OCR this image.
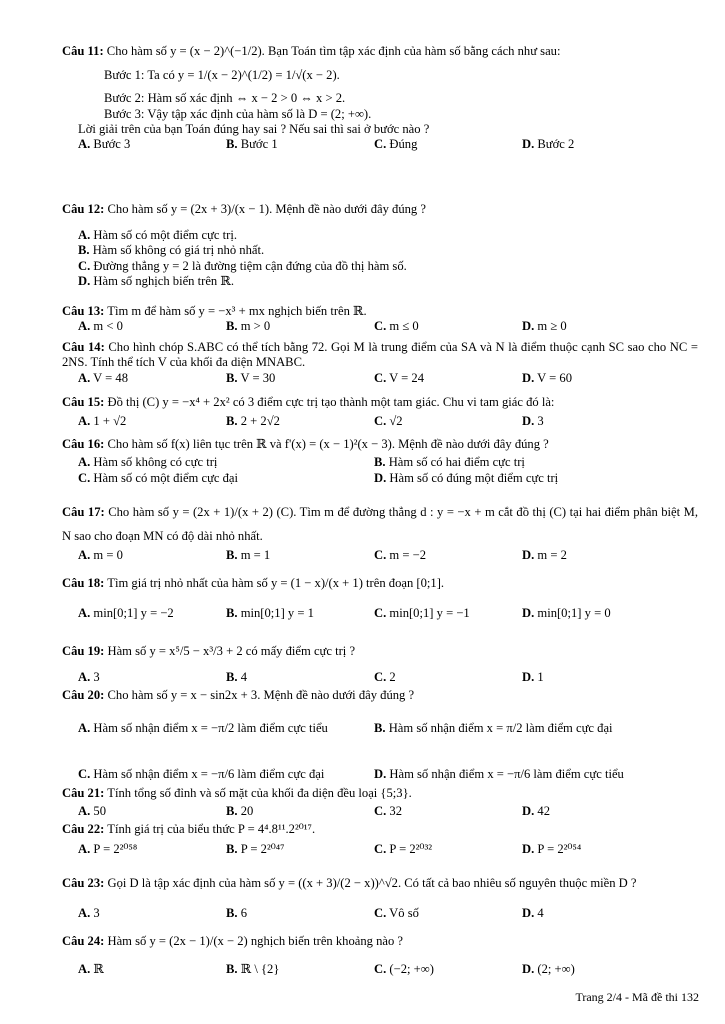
Câu 11: Cho hàm số y = (x − 2)^(−1/2). Bạn Toán tìm tập xác định của hàm số bằng cách như sau:
Bước 1: Ta có y = 1/(x − 2)^(1/2) = 1/√(x − 2).
Bước 2: Hàm số xác định ⇔ x − 2 > 0 ⇔ x > 2.
Bước 3: Vậy tập xác định của hàm số là D = (2; +∞).
Lời giải trên của bạn Toán đúng hay sai ? Nếu sai thì sai ở bước nào ?
A. Bước 3	B. Bước 1	C. Đúng	D. Bước 2
Câu 12: Cho hàm số y = (2x + 3)/(x − 1). Mệnh đề nào dưới đây đúng ?
A. Hàm số có một điểm cực trị.
B. Hàm số không có giá trị nhỏ nhất.
C. Đường thẳng y = 2 là đường tiệm cận đứng của đồ thị hàm số.
D. Hàm số nghịch biến trên ℝ.
Câu 13: Tìm m để hàm số y = −x³ + mx nghịch biến trên ℝ.
A. m < 0	B. m > 0	C. m ≤ 0	D. m ≥ 0
Câu 14: Cho hình chóp S.ABC có thể tích bằng 72. Gọi M là trung điểm của SA và N là điểm thuộc cạnh SC sao cho NC = 2NS. Tính thể tích V của khối đa diện MNABC.
A. V = 48	B. V = 30	C. V = 24	D. V = 60
Câu 15: Đồ thị (C) y = −x⁴ + 2x² có 3 điểm cực trị tạo thành một tam giác. Chu vi tam giác đó là:
A. 1 + √2	B. 2 + 2√2	C. √2	D. 3
Câu 16: Cho hàm số f(x) liên tục trên ℝ và f'(x) = (x − 1)²(x − 3). Mệnh đề nào dưới đây đúng ?
A. Hàm số không có cực trị	B. Hàm số có hai điểm cực trị
C. Hàm số có một điểm cực đại	D. Hàm số có đúng một điểm cực trị
Câu 17: Cho hàm số y = (2x + 1)/(x + 2) (C). Tìm m để đường thẳng d : y = −x + m cắt đồ thị (C) tại hai điểm phân biệt M, N sao cho đoạn MN có độ dài nhỏ nhất.
A. m = 0	B. m = 1	C. m = −2	D. m = 2
Câu 18: Tìm giá trị nhỏ nhất của hàm số y = (1 − x)/(x + 1) trên đoạn [0;1].
A. min[0;1] y = −2	B. min[0;1] y = 1	C. min[0;1] y = −1	D. min[0;1] y = 0
Câu 19: Hàm số y = x⁵/5 − x³/3 + 2 có mấy điểm cực trị ?
A. 3	B. 4	C. 2	D. 1
Câu 20: Cho hàm số y = x − sin2x + 3. Mệnh đề nào dưới đây đúng ?
A. Hàm số nhận điểm x = −π/2 làm điểm cực tiểu	B. Hàm số nhận điểm x = π/2 làm điểm cực đại
C. Hàm số nhận điểm x = −π/6 làm điểm cực đại	D. Hàm số nhận điểm x = −π/6 làm điểm cực tiểu
Câu 21: Tính tổng số đỉnh và số mặt của khối đa diện đều loại {5;3}.
A. 50	B. 20	C. 32	D. 42
Câu 22: Tính giá trị của biểu thức P = 4⁴.8¹¹.2²⁰¹⁷.
A. P = 2²⁰⁵⁸	B. P = 2²⁰⁴⁷	C. P = 2²⁰³²	D. P = 2²⁰⁵⁴
Câu 23: Gọi D là tập xác định của hàm số y = ((x + 3)/(2 − x))^√2. Có tất cả bao nhiêu số nguyên thuộc miền D ?
A. 3	B. 6	C. Vô số	D. 4
Câu 24: Hàm số y = (2x − 1)/(x − 2) nghịch biến trên khoảng nào ?
A. ℝ	B. ℝ \ {2}	C. (−2; +∞)	D. (2; +∞)
Trang 2/4 - Mã đề thi 132
